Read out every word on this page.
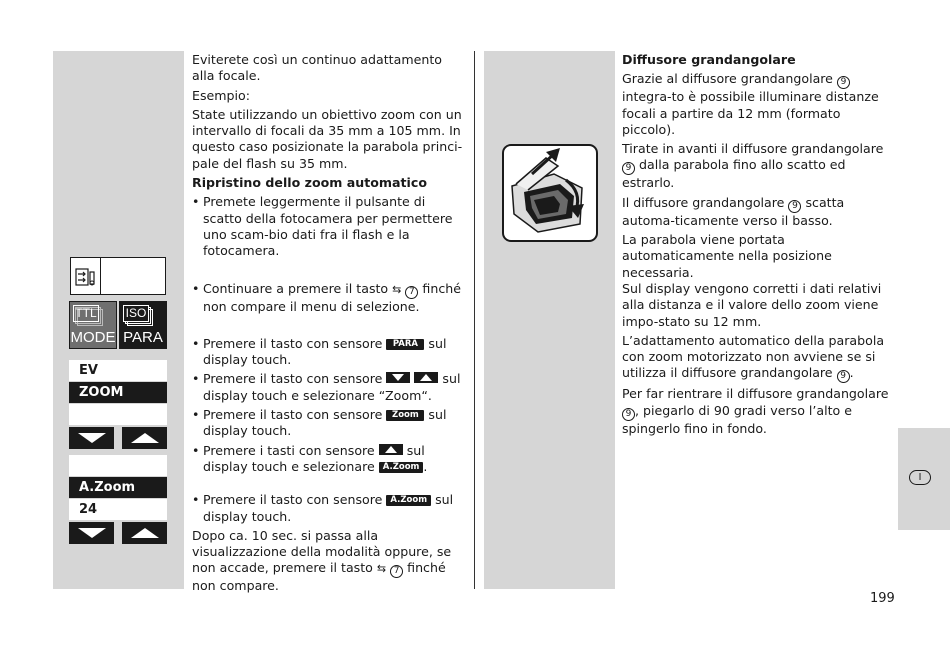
TTL
MODE
ISO
PARA
EV
ZOOM
A.Zoom
24
Eviterete così un continuo adattamento alla focale.
Esempio:
State utilizzando un obiettivo zoom con un intervallo di focali da 35 mm a 105 mm. In questo caso posizionate la parabola princi-pale del flash su 35 mm.
Ripristino dello zoom automatico
• Premete leggermente il pulsante di scatto della fotocamera per permettere uno scam-bio dati fra il flash e la fotocamera.
• Continuare a premere il tasto ⇆ 7 finché non compare il menu di selezione.
• Premere il tasto con sensore PARA sul display touch.
• Premere il tasto con sensore
	sul display touch e selezionare “Zoom“.
• Premere il tasto con sensore Zoom sul display touch.
• Premere i tasti con sensore	sul display touch e selezionare A.Zoom .
• Premere il tasto con sensore A.Zoom sul display touch.
Dopo ca. 10 sec. si passa alla visualizzazione della modalità oppure, se non accade, premere il tasto ⇆ 7 finché non compare.
Diffusore grandangolare
Grazie al diffusore grandangolare 9 integra-to è possibile illuminare distanze focali a partire da 12 mm (formato piccolo).
Tirate in avanti il diffusore grandangolare 9 dalla parabola fino allo scatto ed estrarlo.
Il diffusore grandangolare 9 scatta automa-ticamente verso il basso.
La parabola viene portata automaticamente nella posizione necessaria.
Sul display vengono corretti i dati relativi alla distanza e il valore dello zoom viene impo-stato su 12 mm.
L’adattamento automatico della parabola con zoom motorizzato non avviene se si utilizza il diffusore grandangolare 9 .
Per far rientrare il diffusore grandangolare 9 , piegarlo di 90 gradi verso l’alto e spingerlo fino in fondo.
I
199
